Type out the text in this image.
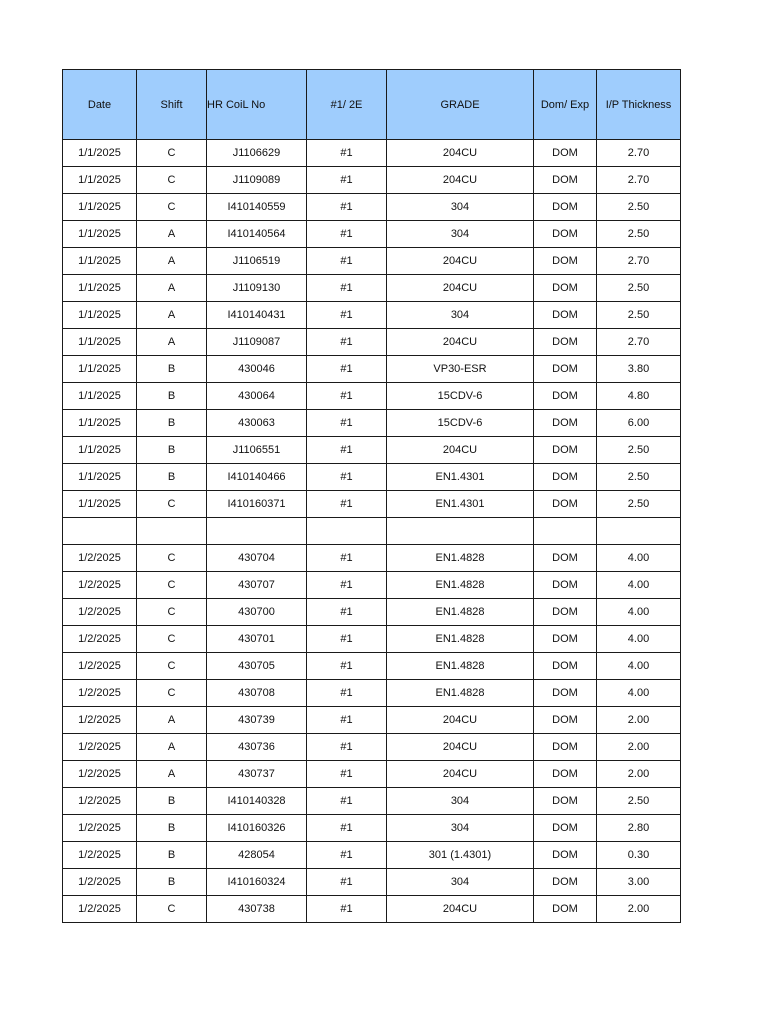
Date	Shift	HR CoiL No	#1/ 2E	GRADE	Dom/ Exp	I/P Thickness
1/1/2025	C	J1106629	#1	204CU	DOM	2.70
1/1/2025	C	J1109089	#1	204CU	DOM	2.70
1/1/2025	C	I410140559	#1	304	DOM	2.50
1/1/2025	A	I410140564	#1	304	DOM	2.50
1/1/2025	A	J1106519	#1	204CU	DOM	2.70
1/1/2025	A	J1109130	#1	204CU	DOM	2.50
1/1/2025	A	I410140431	#1	304	DOM	2.50
1/1/2025	A	J1109087	#1	204CU	DOM	2.70
1/1/2025	B	430046	#1	VP30-ESR	DOM	3.80
1/1/2025	B	430064	#1	15CDV-6	DOM	4.80
1/1/2025	B	430063	#1	15CDV-6	DOM	6.00
1/1/2025	B	J1106551	#1	204CU	DOM	2.50
1/1/2025	B	I410140466	#1	EN1.4301	DOM	2.50
1/1/2025	C	I410160371	#1	EN1.4301	DOM	2.50

1/2/2025	C	430704	#1	EN1.4828	DOM	4.00
1/2/2025	C	430707	#1	EN1.4828	DOM	4.00
1/2/2025	C	430700	#1	EN1.4828	DOM	4.00
1/2/2025	C	430701	#1	EN1.4828	DOM	4.00
1/2/2025	C	430705	#1	EN1.4828	DOM	4.00
1/2/2025	C	430708	#1	EN1.4828	DOM	4.00
1/2/2025	A	430739	#1	204CU	DOM	2.00
1/2/2025	A	430736	#1	204CU	DOM	2.00
1/2/2025	A	430737	#1	204CU	DOM	2.00
1/2/2025	B	I410140328	#1	304	DOM	2.50
1/2/2025	B	I410160326	#1	304	DOM	2.80
1/2/2025	B	428054	#1	301 (1.4301)	DOM	0.30
1/2/2025	B	I410160324	#1	304	DOM	3.00
1/2/2025	C	430738	#1	204CU	DOM	2.00
